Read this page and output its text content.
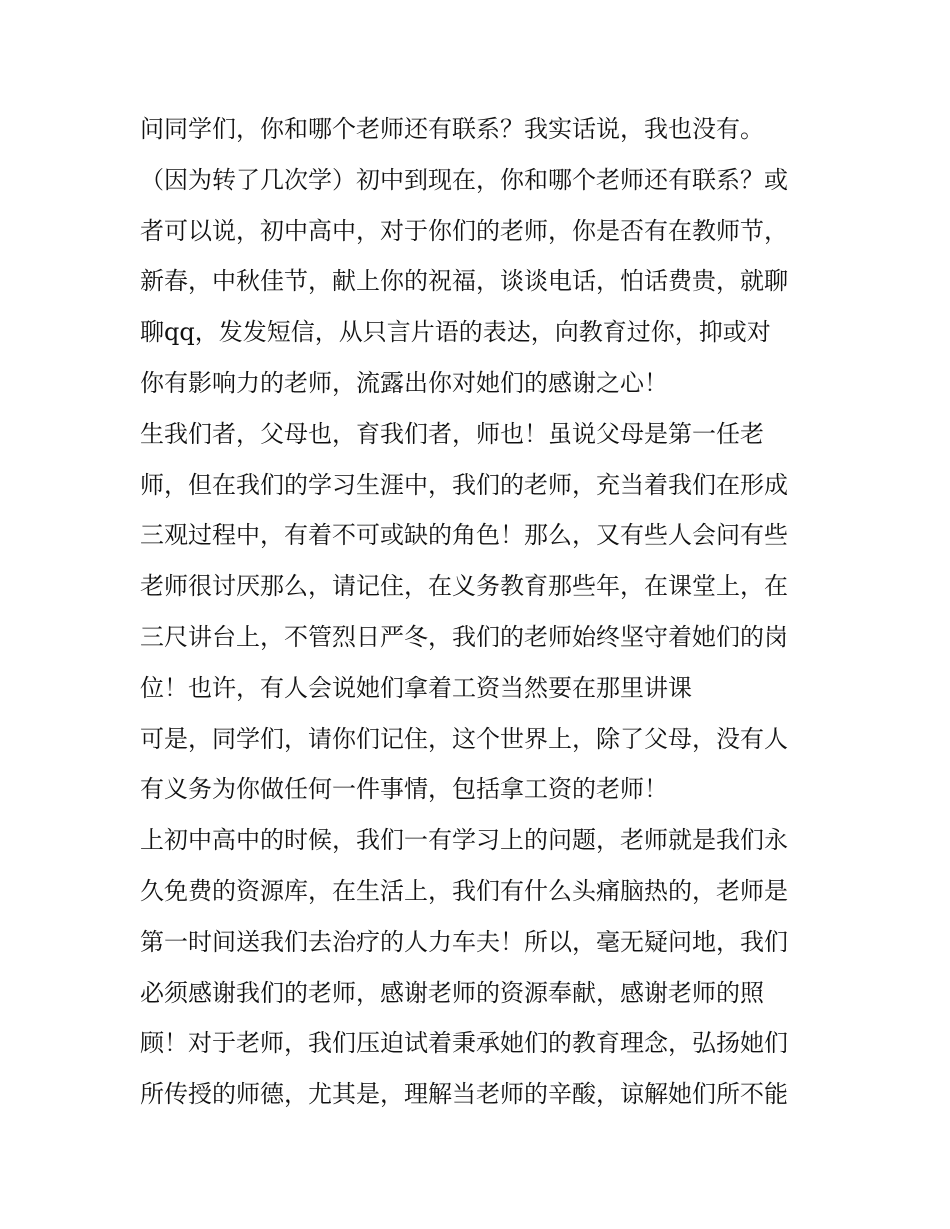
问同学们，你和哪个老师还有联系？我实话说，我也没有。
（因为转了几次学）初中到现在，你和哪个老师还有联系？或
者可以说，初中高中，对于你们的老师，你是否有在教师节，
新春，中秋佳节，献上你的祝福，谈谈电话，怕话费贵，就聊
聊qq，发发短信，从只言片语的表达，向教育过你，抑或对
你有影响力的老师，流露出你对她们的感谢之心！
生我们者，父母也，育我们者，师也！虽说父母是第一任老
师，但在我们的学习生涯中，我们的老师，充当着我们在形成
三观过程中，有着不可或缺的角色！那么，又有些人会问有些
老师很讨厌那么，请记住，在义务教育那些年，在课堂上，在
三尺讲台上，不管烈日严冬，我们的老师始终坚守着她们的岗
位！也许，有人会说她们拿着工资当然要在那里讲课
可是，同学们，请你们记住，这个世界上，除了父母，没有人
有义务为你做任何一件事情，包括拿工资的老师！
上初中高中的时候，我们一有学习上的问题，老师就是我们永
久免费的资源库，在生活上，我们有什么头痛脑热的，老师是
第一时间送我们去治疗的人力车夫！所以，毫无疑问地，我们
必须感谢我们的老师，感谢老师的资源奉献，感谢老师的照
顾！对于老师，我们压迫试着秉承她们的教育理念，弘扬她们
所传授的师德，尤其是，理解当老师的辛酸，谅解她们所不能
